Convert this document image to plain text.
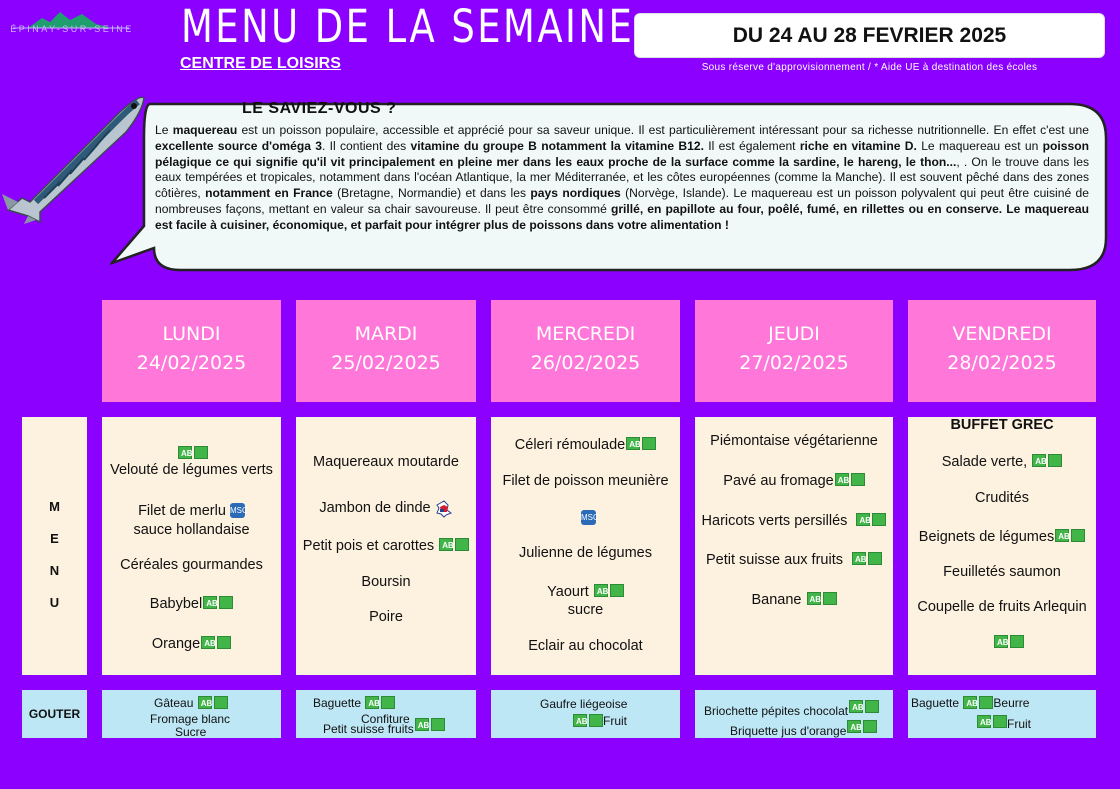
ÉPINAY-SUR-SEINE MENU DE LA SEMAINE
CENTRE DE LOISIRS
DU 24 AU 28 FEVRIER 2025
Sous réserve d'approvisionnement / * Aide UE à destination des écoles
LE SAVIEZ-VOUS ?
Le maquereau est un poisson populaire, accessible et apprécié pour sa saveur unique. Il est particulièrement intéressant pour sa richesse nutritionnelle. En effet c'est une excellente source d'oméga 3. Il contient des vitamine du groupe B notamment la vitamine B12. Il est également riche en vitamine D. Le maquereau est un poisson pélagique ce qui signifie qu'il vit principalement en pleine mer dans les eaux proche de la surface comme la sardine, le hareng, le thon..., . On le trouve dans les eaux tempérées et tropicales, notamment dans l'océan Atlantique, la mer Méditerranée, et les côtes européennes (comme la Manche). Il est souvent pêché dans des zones côtières, notamment en France (Bretagne, Normandie) et dans les pays nordiques (Norvège, Islande). Le maquereau est un poisson polyvalent qui peut être cuisiné de nombreuses façons, mettant en valeur sa chair savoureuse. Il peut être consommé grillé, en papillote au four, poêlé, fumé, en rillettes ou en conserve. Le maquereau est facile à cuisiner, économique, et parfait pour intégrer plus de poissons dans votre alimentation !
M
E
N
U
GOUTER
LUNDI
24/02/2025
MARDI
25/02/2025
MERCREDI
26/02/2025
JEUDI
27/02/2025
VENDREDI
28/02/2025
AB
Velouté de légumes verts
Filet de merlu MSC
sauce hollandaise
Céréales gourmandes
Babybel AB
Orange AB
Maquereaux moutarde
Jambon de dinde
Petit pois et carottes AB
Boursin
Poire
Céleri rémoulade AB
Filet de poisson meunière
MSC
Julienne de légumes
Yaourt AB
sucre
Eclair au chocolat
Piémontaise végétarienne
Pavé au fromage AB
Haricots verts persillés AB
Petit suisse aux fruits AB
Banane AB
BUFFET GREC
Salade verte, AB
Crudités
Beignets de légumes AB
Feuilletés saumon
Coupelle de fruits Arlequin
AB
Gâteau AB
Fromage blanc
Sucre
Baguette AB
Confiture
Petit suisse fruits AB
Gaufre liégeoise
AB Fruit
Briochette pépites chocolat AB
Briquette jus d'orange AB
Baguette AB Beurre
AB Fruit
